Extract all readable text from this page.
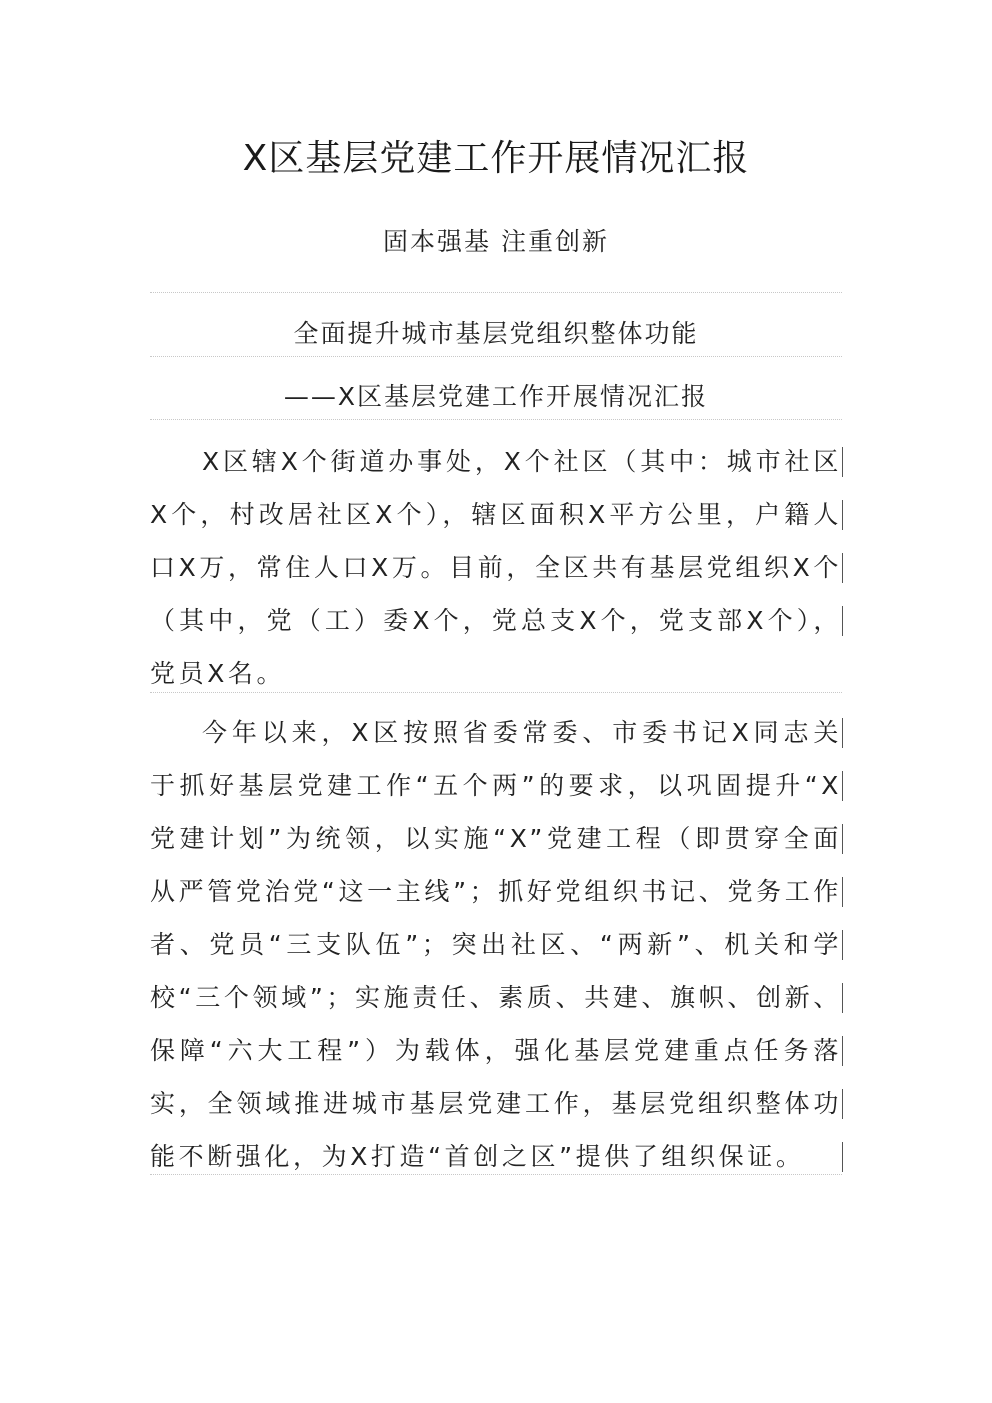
X区基层党建工作开展情况汇报
固本强基 注重创新
全面提升城市基层党组织整体功能
——X区基层党建工作开展情况汇报

X区辖X个街道办事处，X个社区（其中：城市社区X个，村改居社区X个），辖区面积X平方公里，户籍人口X万，常住人口X万。目前，全区共有基层党组织X个（其中，党（工）委X个，党总支X个，党支部X个），党员X名。

今年以来，X区按照省委常委、市委书记X同志关于抓好基层党建工作“五个两”的要求，以巩固提升“X党建计划”为统领，以实施“X”党建工程（即贯穿全面从严管党治党“这一主线”；抓好党组织书记、党务工作者、党员“三支队伍”；突出社区、“两新”、机关和学校“三个领域”；实施责任、素质、共建、旗帜、创新、保障“六大工程”）为载体，强化基层党建重点任务落实，全领域推进城市基层党建工作，基层党组织整体功能不断强化，为X打造“首创之区”提供了组织保证。
